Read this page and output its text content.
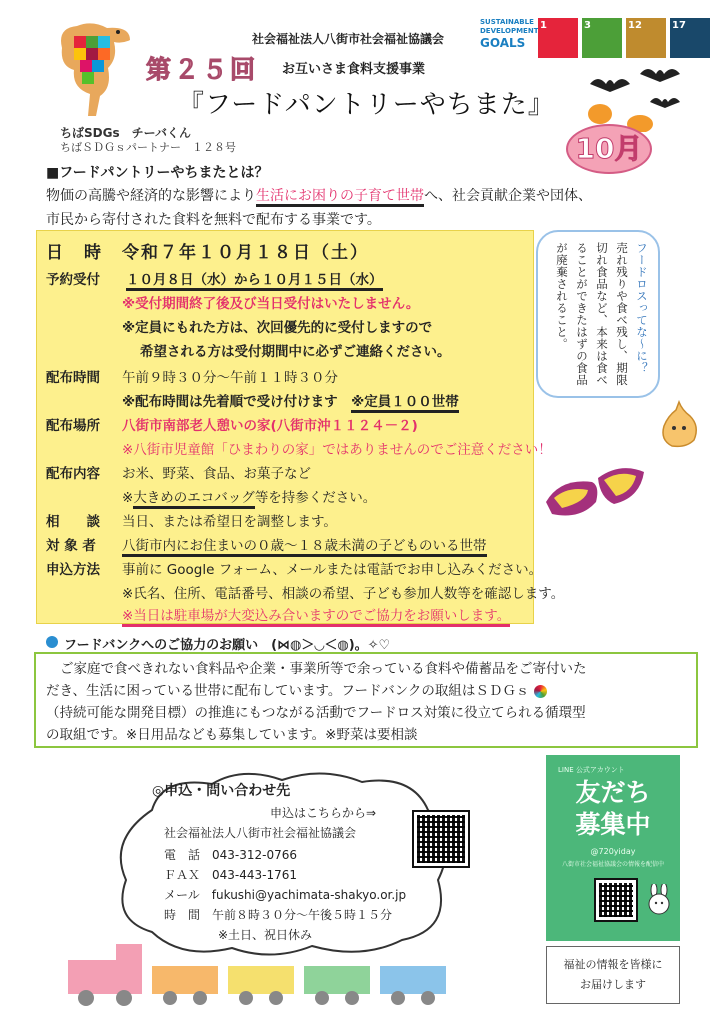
ちばSDGs　チーバくん
ちばＳＤＧｓパートナー　１２８号
社会福祉法人八街市社会福祉協議会
第２５回 お互いさま食料支援事業
『フードパントリーやちまた』
SUSTAINABLE
DEVELOPMENT
GOALS
1	3	12	17
10月
■フードパントリーやちまたとは？
物価の高騰や経済的な影響により生活にお困りの子育て世帯へ、社会貢献企業や団体、
市民から寄付された食料を無料で配布する事業です。
日　時　 令和７年１０月１８日（土）
予約受付 １０月８日（水）から１０月１５日（水）
※受付期間終了後及び当日受付はいたしません。
※定員にもれた方は、次回優先的に受付しますので
希望される方は受付期間中に必ずご連絡ください。
配布時間 午前９時３０分～午前１１時３０分
※配布時間は先着順で受け付けます　 ※定員１００世帯
配布場所 八街市南部老人憩いの家(八街市沖１１２４－２)
※八街市児童館「ひまわりの家」ではありませんのでご注意ください！
配布内容 お米、野菜、食品、お菓子など
※大きめのエコバッグ等を持参ください。
相　　談 当日、または希望日を調整します。
対 象 者 八街市内にお住まいの０歳～１８歳未満の子どものいる世帯
申込方法 事前に Google フォーム、メールまたは電話でお申し込みください。
※氏名、住所、電話番号、相談の希望、子ども参加人数等を確認します。
※当日は駐車場が大変込み合いますのでご協力をお願いします。
フードロスってな～に？
売れ残りや食べ残し、期限
切れ食品など、本来は食べ
ることができたはずの食品
が廃棄されること。
フードバンクへのご協力のお願い　(⋈◍＞◡＜◍)。✧♡
ご家庭で食べきれない食料品や企業・事業所等で余っている食料や備蓄品をご寄付いた
だき、生活に困っている世帯に配布しています。フードバンクの取組はＳＤＧｓ
（持続可能な開発目標）の推進にもつながる活動でフードロス対策に役立てられる循環型
の取組です。※日用品なども募集しています。※野菜は要相談
◎申込・問い合わせ先
申込はこちらから⇒
社会福祉法人八街市社会福祉協議会
電　話　 043-312-0766
ＦＡＸ　 043-443-1761
メール　 fukushi@yachimata-shakyo.or.jp
時　間　 午前８時３０分～午後５時１５分
※土日、祝日休み
LINE 公式アカウント
友だち
募集中
@720yiday
八街市社会福祉協議会の情報を配信中
福祉の情報を皆様に
お届けします
